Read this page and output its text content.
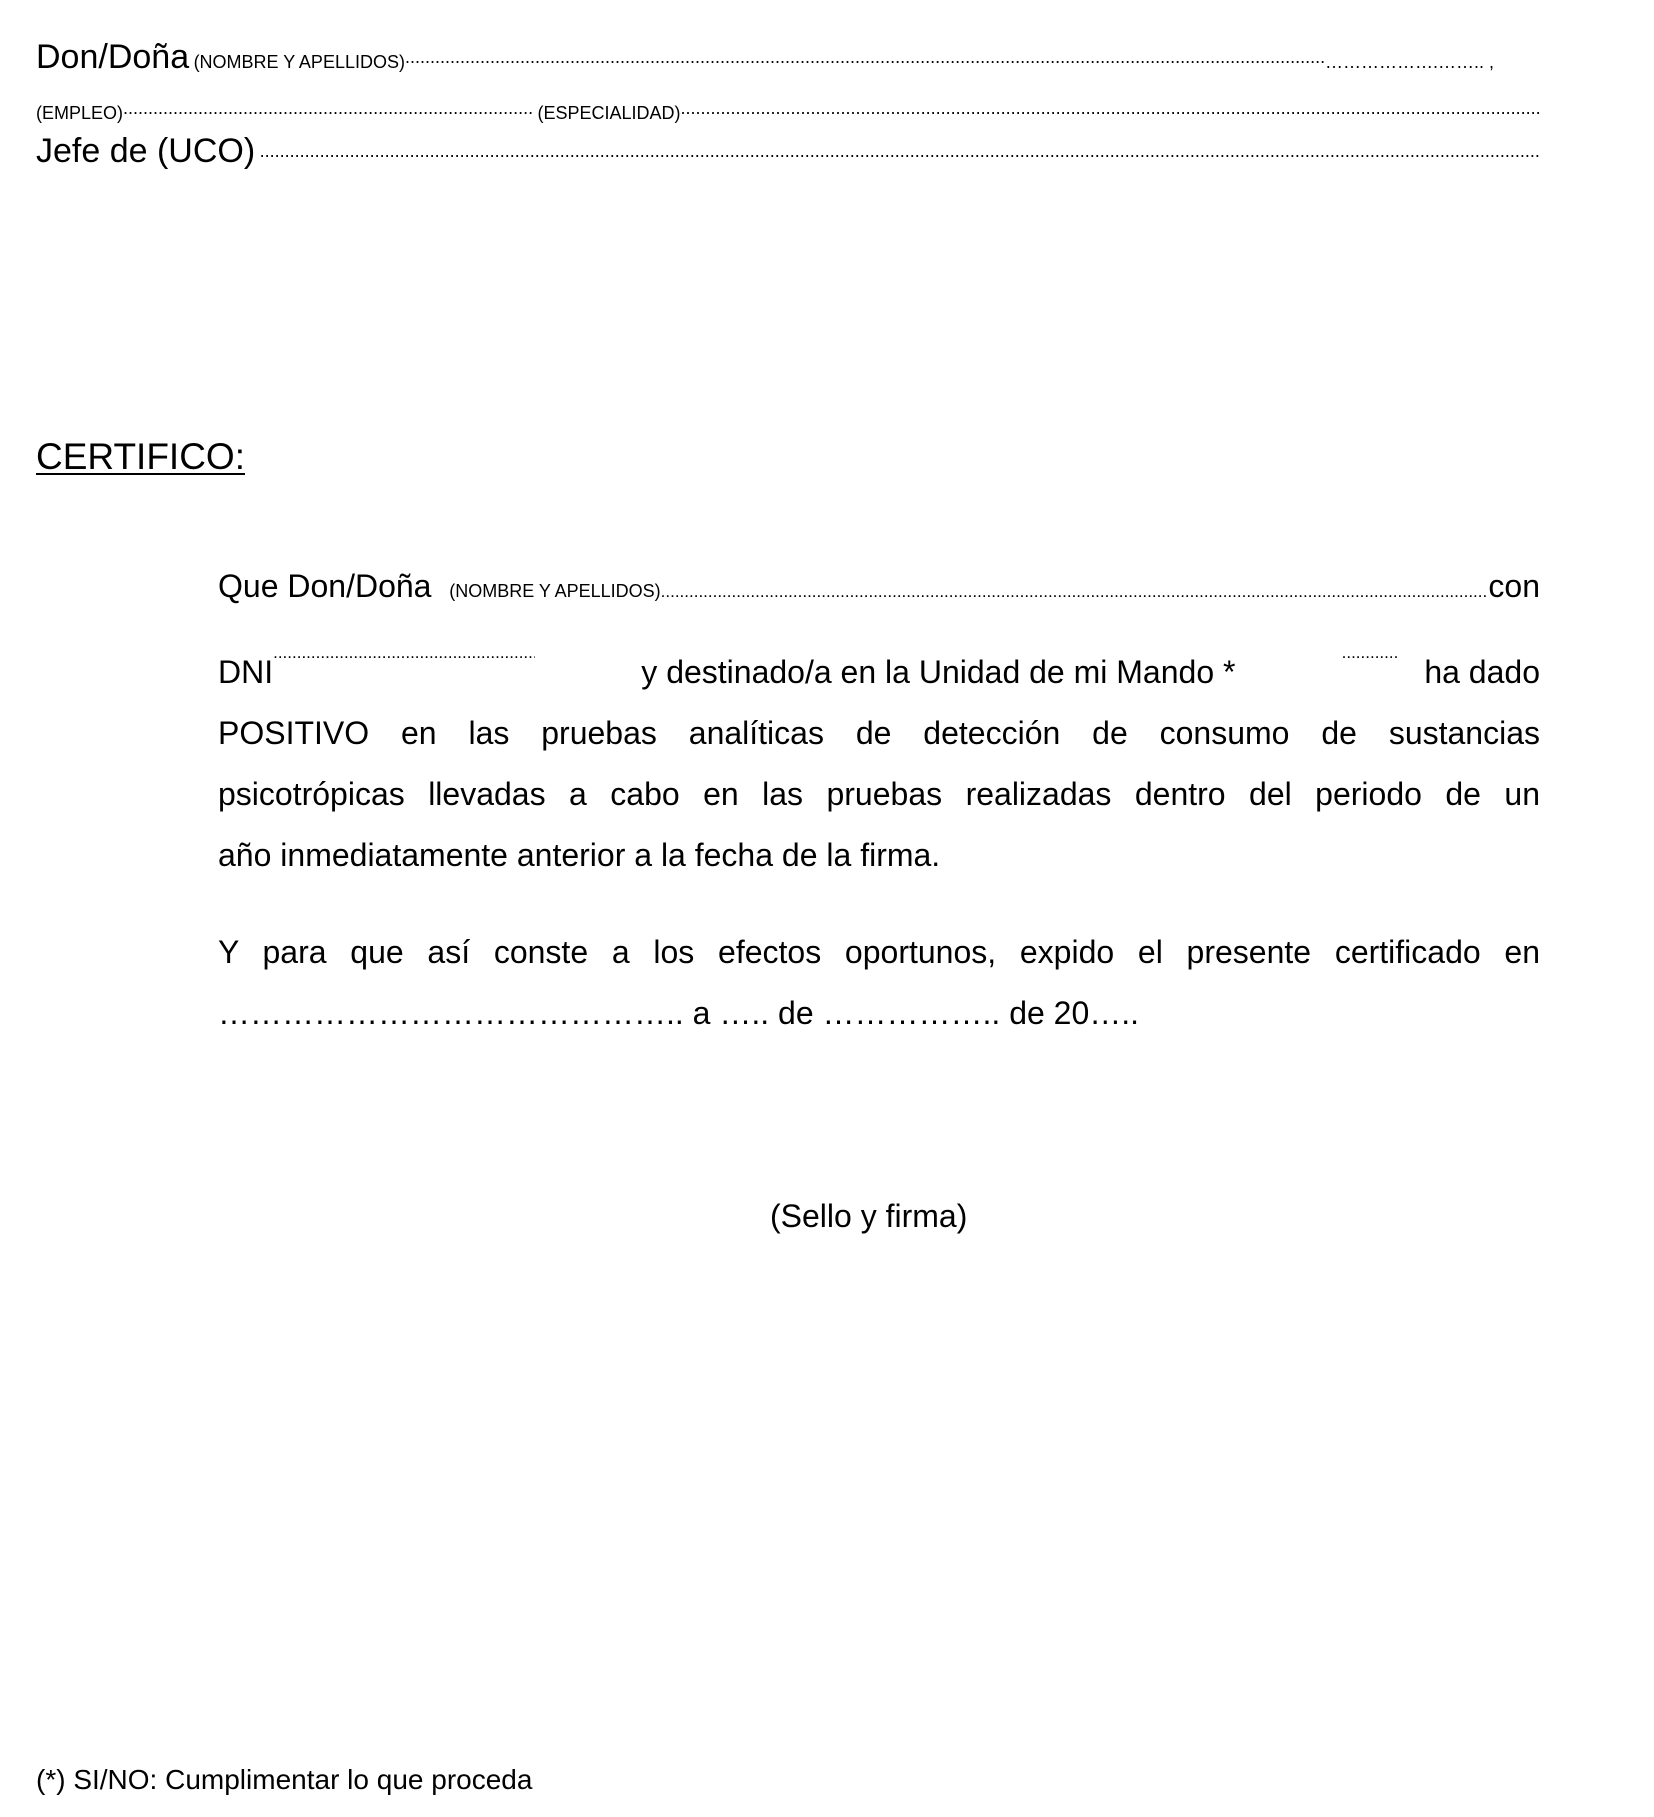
Don/Doña (NOMBRE Y APELLIDOS) .....	……………….…….. ,
(EMPLEO) .....	(ESPECIALIDAD).....
Jefe de (UCO) .....
CERTIFICO:
Que Don/Doña (NOMBRE Y APELLIDOS) .....	con
DNI .....	y destinado/a en la Unidad de mi Mando * .....	ha dado
POSITIVO en las pruebas analíticas de detección de consumo de sustancias
psicotrópicas llevadas a cabo en las pruebas realizadas dentro del periodo de un
año inmediatamente anterior a la fecha de la firma.
Y para que así conste a los efectos oportunos, expido el presente certificado en
…………………………………….. a ….. de …………….. de 20…..
(Sello y firma)
(*) SI/NO: Cumplimentar lo que proceda
